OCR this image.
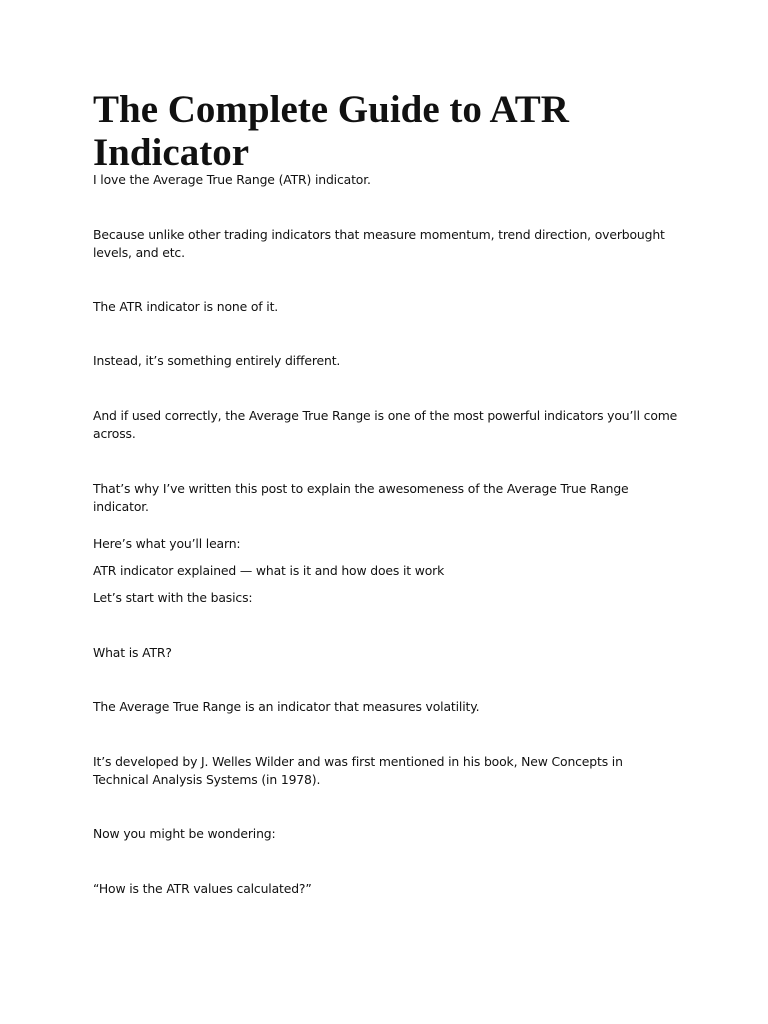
The Complete Guide to ATR Indicator

I love the Average True Range (ATR) indicator.

Because unlike other trading indicators that measure momentum, trend direction, overbought levels, and etc.

The ATR indicator is none of it.

Instead, it’s something entirely different.

And if used correctly, the Average True Range is one of the most powerful indicators you’ll come across.

That’s why I’ve written this post to explain the awesomeness of the Average True Range indicator.

Here’s what you’ll learn:

ATR indicator explained — what is it and how does it work

Let’s start with the basics:

What is ATR?

The Average True Range is an indicator that measures volatility.

It’s developed by J. Welles Wilder and was first mentioned in his book, New Concepts in Technical Analysis Systems (in 1978).

Now you might be wondering:

“How is the ATR values calculated?”
